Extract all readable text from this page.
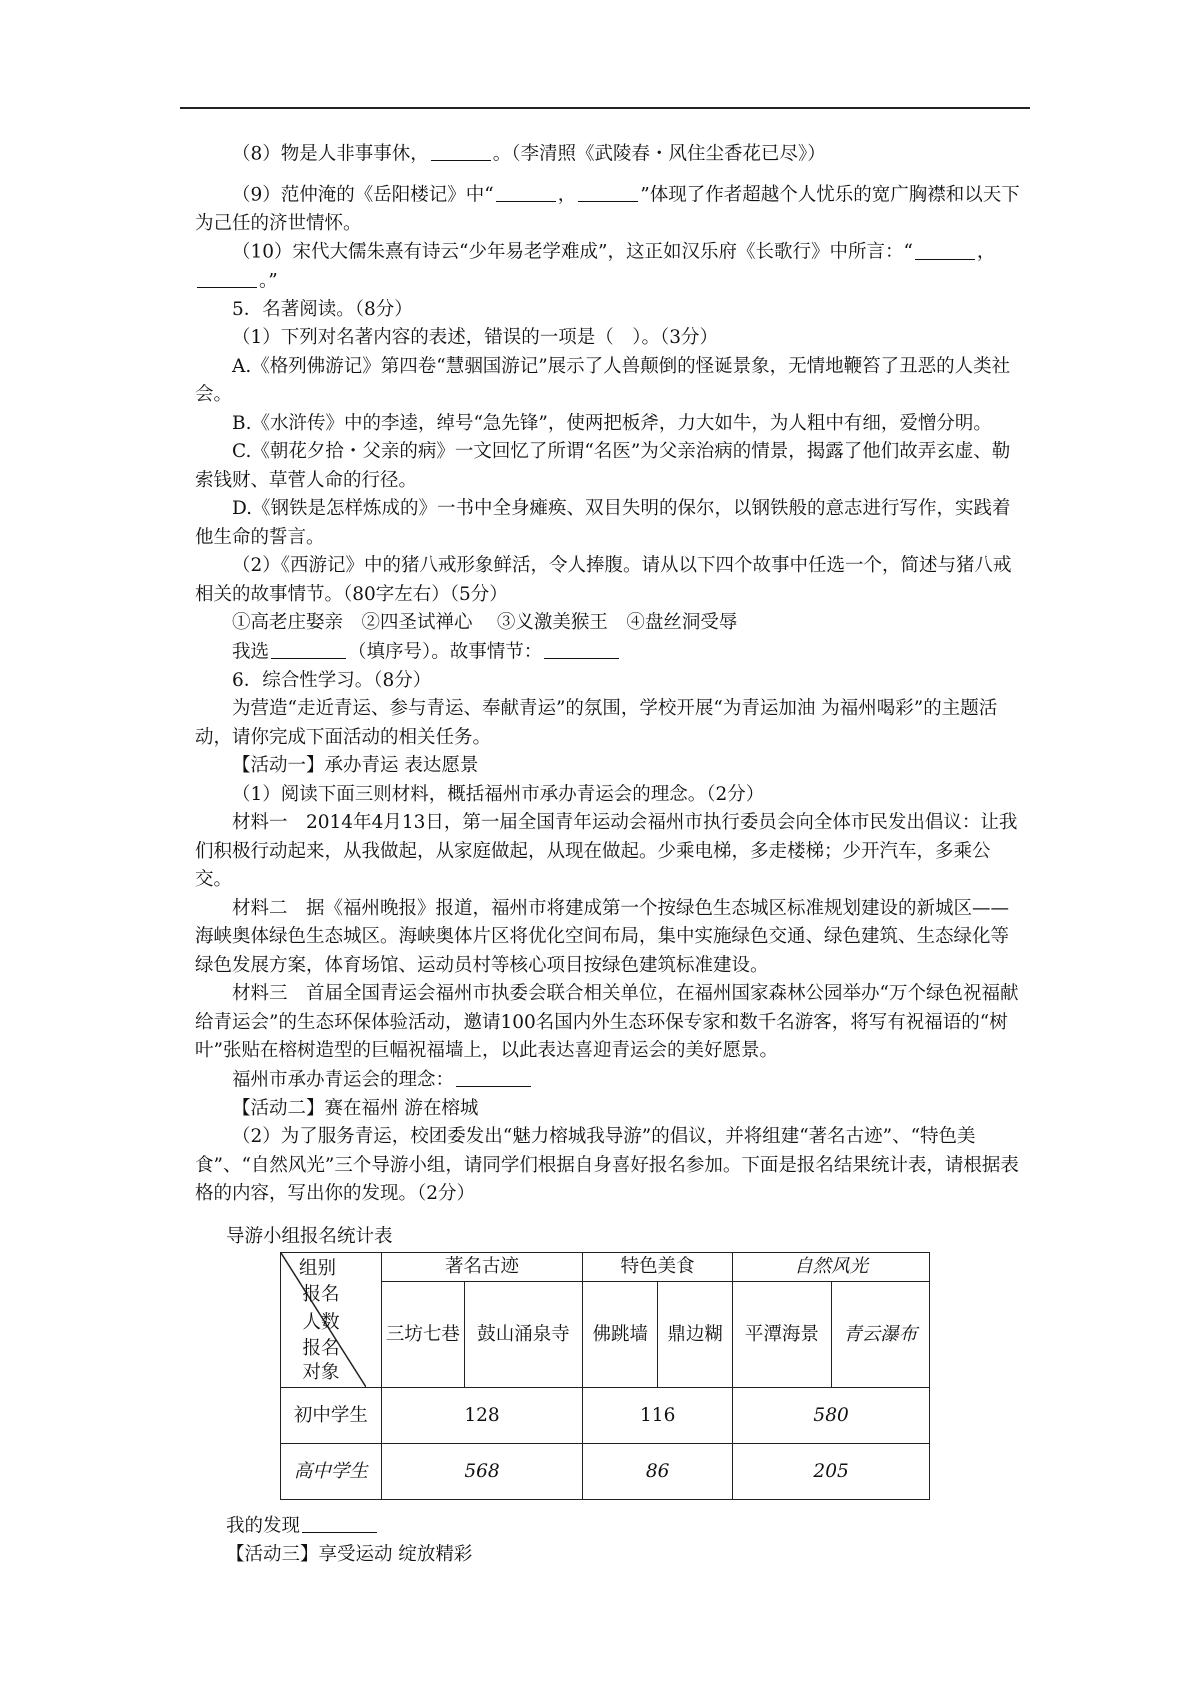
（8）物是人非事事休，	。（李清照《武陵春・风住尘香花已尽》）

（9）范仲淹的《岳阳楼记》中“	，	”体现了作者超越个人忧乐的宽广胸襟和以天下为己任的济世情怀。

（10）宋代大儒朱熹有诗云“少年易老学难成”，这正如汉乐府《长歌行》中所言：“	，。”

5．名著阅读。（8分）

（1）下列对名著内容的表述，错误的一项是（　）。（3分）

A.《格列佛游记》第四卷“慧骃国游记”展示了人兽颠倒的怪诞景象，无情地鞭笞了丑恶的人类社会。

B.《水浒传》中的李逵，绰号“急先锋”，使两把板斧，力大如牛，为人粗中有细，爱憎分明。

C.《朝花夕拾・父亲的病》一文回忆了所谓“名医”为父亲治病的情景，揭露了他们故弄玄虚、勒索钱财、草菅人命的行径。

D.《钢铁是怎样炼成的》一书中全身瘫痪、双目失明的保尔，以钢铁般的意志进行写作，实践着他生命的誓言。

（2）《西游记》中的猪八戒形象鲜活，令人捧腹。请从以下四个故事中任选一个，简述与猪八戒相关的故事情节。（80字左右）（5分）

①高老庄娶亲　②四圣试禅心　 ③义激美猴王　④盘丝洞受辱

我选	（填序号）。故事情节：

6．综合性学习。（8分）

为营造“走近青运、参与青运、奉献青运”的氛围，学校开展“为青运加油 为福州喝彩”的主题活动，请你完成下面活动的相关任务。

【活动一】承办青运 表达愿景

（1）阅读下面三则材料，概括福州市承办青运会的理念。（2分）

材料一　2014年4月13日，第一届全国青年运动会福州市执行委员会向全体市民发出倡议：让我们积极行动起来，从我做起，从家庭做起，从现在做起。少乘电梯，多走楼梯；少开汽车，多乘公交。

材料二　据《福州晚报》报道，福州市将建成第一个按绿色生态城区标准规划建设的新城区——海峡奥体绿色生态城区。海峡奥体片区将优化空间布局，集中实施绿色交通、绿色建筑、生态绿化等绿色发展方案，体育场馆、运动员村等核心项目按绿色建筑标准建设。

材料三　首届全国青运会福州市执委会联合相关单位，在福州国家森林公园举办“万个绿色祝福献给青运会”的生态环保体验活动，邀请100名国内外生态环保专家和数千名游客，将写有祝福语的“树叶”张贴在榕树造型的巨幅祝福墙上，以此表达喜迎青运会的美好愿景。

福州市承办青运会的理念：

【活动二】赛在福州 游在榕城

（2）为了服务青运，校团委发出“魅力榕城我导游”的倡议，并将组建“著名古迹”、“特色美食”、“自然风光”三个导游小组，请同学们根据自身喜好报名参加。下面是报名结果统计表，请根据表格的内容，写出你的发现。（2分）

导游小组报名统计表
组别
报名人数
报名对象	著名古迹		特色美食		自然风光	
	三坊七巷	鼓山涌泉寺	佛跳墙	鼎边糊	平潭海景	青云瀑布
初中学生	128		116		580	
高中学生	568		86		205	

我的发现

【活动三】享受运动 绽放精彩
